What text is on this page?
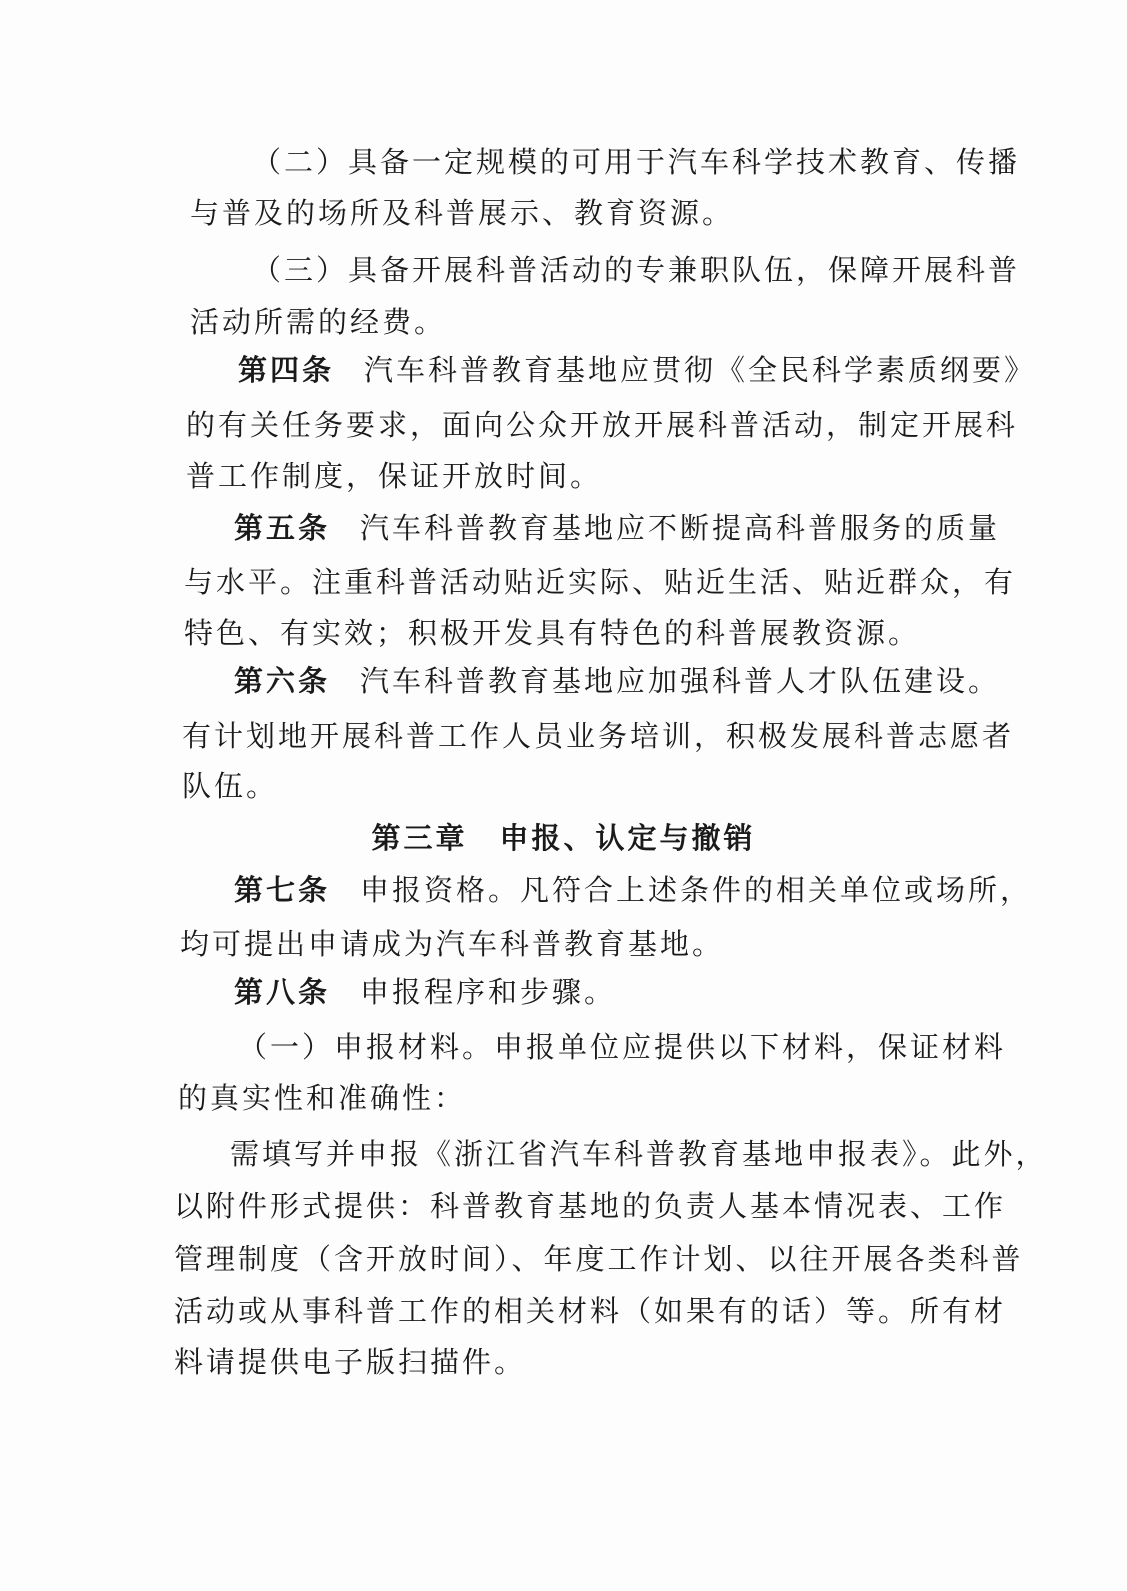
（二）具备一定规模的可用于汽车科学技术教育、传播
与普及的场所及科普展示、教育资源。
（三）具备开展科普活动的专兼职队伍，保障开展科普
活动所需的经费。
第四条 汽车科普教育基地应贯彻《全民科学素质纲要》
的有关任务要求，面向公众开放开展科普活动，制定开展科
普工作制度，保证开放时间。
第五条 汽车科普教育基地应不断提高科普服务的质量
与水平。注重科普活动贴近实际、贴近生活、贴近群众，有
特色、有实效；积极开发具有特色的科普展教资源。
第六条 汽车科普教育基地应加强科普人才队伍建设。
有计划地开展科普工作人员业务培训，积极发展科普志愿者
队伍。
第三章　申报、认定与撤销
第七条 申报资格。凡符合上述条件的相关单位或场所，
均可提出申请成为汽车科普教育基地。
第八条 申报程序和步骤。
（一）申报材料。申报单位应提供以下材料，保证材料
的真实性和准确性：
需填写并申报《浙江省汽车科普教育基地申报表》。此外，
以附件形式提供：科普教育基地的负责人基本情况表、工作
管理制度（含开放时间）、年度工作计划、以往开展各类科普
活动或从事科普工作的相关材料（如果有的话）等。所有材
料请提供电子版扫描件。
